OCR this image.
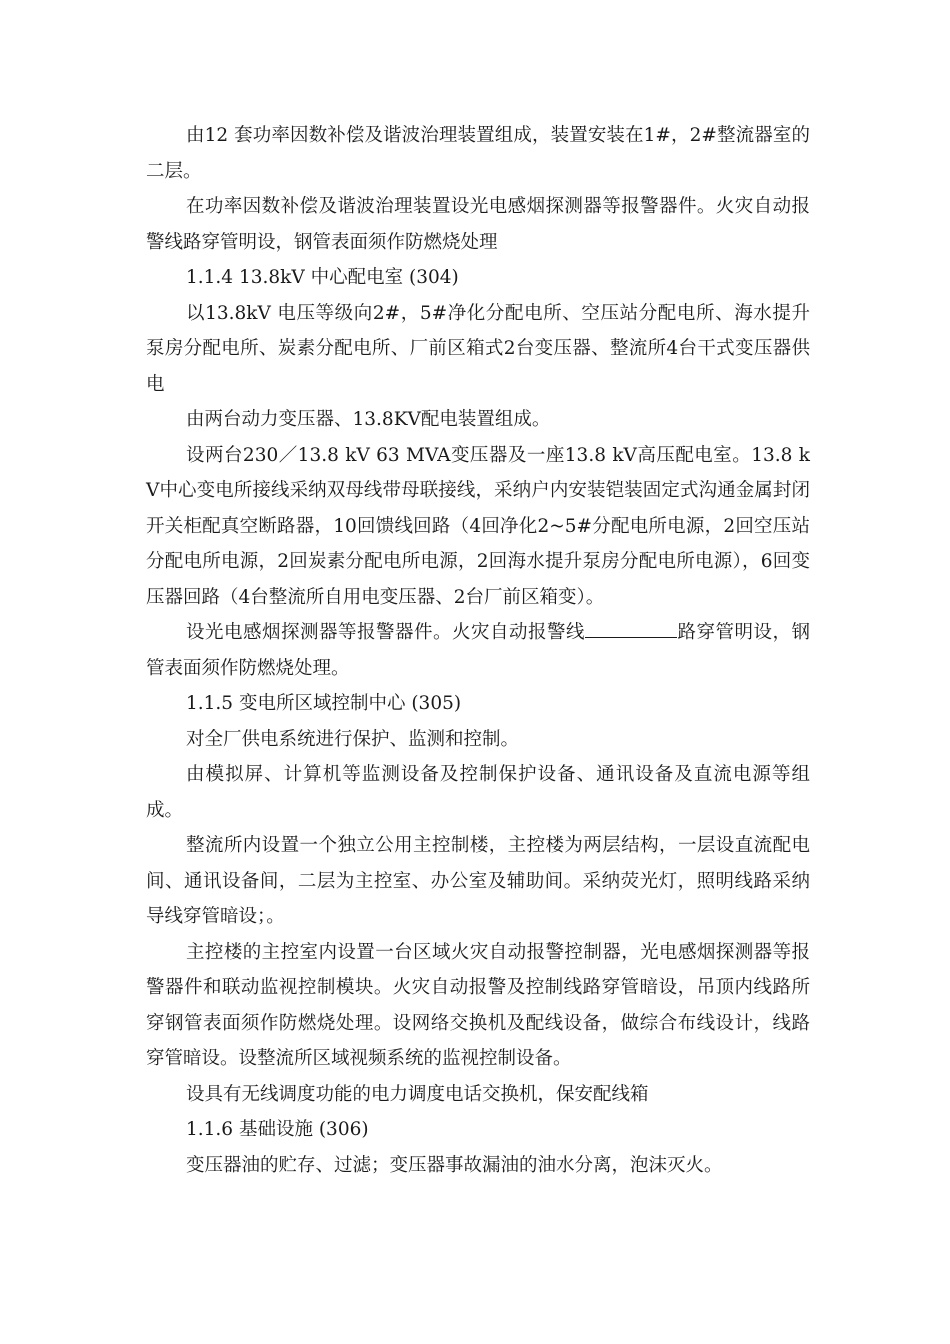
由12 套功率因数补偿及谐波治理装置组成，装置安装在1#，2#整流器室的二层。

在功率因数补偿及谐波治理装置设光电感烟探测器等报警器件。火灾自动报警线路穿管明设，钢管表面须作防燃烧处理

1.1.4 13.8kV 中心配电室 (304)

以13.8kV 电压等级向2#，5#净化分配电所、空压站分配电所、海水提升泵房分配电所、炭素分配电所、厂前区箱式2台变压器、整流所4台干式变压器供电

由两台动力变压器、13.8KV配电装置组成。

设两台230／13.8 kV 63 MVA变压器及一座13.8 kV高压配电室。13.8 kV中心变电所接线采纳双母线带母联接线，采纳户内安装铠装固定式沟通金属封闭开关柜配真空断路器，10回馈线回路（4回净化2~5#分配电所电源，2回空压站分配电所电源，2回炭素分配电所电源，2回海水提升泵房分配电所电源），6回变压器回路（4台整流所自用电变压器、2台厂前区箱变）。

设光电感烟探测器等报警器件。火灾自动报警线	路穿管明设，钢管表面须作防燃烧处理。

1.1.5 变电所区域控制中心 (305)

对全厂供电系统进行保护、监测和控制。

由模拟屏、计算机等监测设备及控制保护设备、通讯设备及直流电源等组成。

整流所内设置一个独立公用主控制楼，主控楼为两层结构，一层设直流配电间、通讯设备间，二层为主控室、办公室及辅助间。采纳荧光灯，照明线路采纳导线穿管暗设；。

主控楼的主控室内设置一台区域火灾自动报警控制器，光电感烟探测器等报警器件和联动监视控制模块。火灾自动报警及控制线路穿管暗设，吊顶内线路所穿钢管表面须作防燃烧处理。设网络交换机及配线设备，做综合布线设计，线路穿管暗设。设整流所区域视频系统的监视控制设备。

设具有无线调度功能的电力调度电话交换机，保安配线箱

1.1.6 基础设施 (306)

变压器油的贮存、过滤；变压器事故漏油的油水分离，泡沫灭火。
